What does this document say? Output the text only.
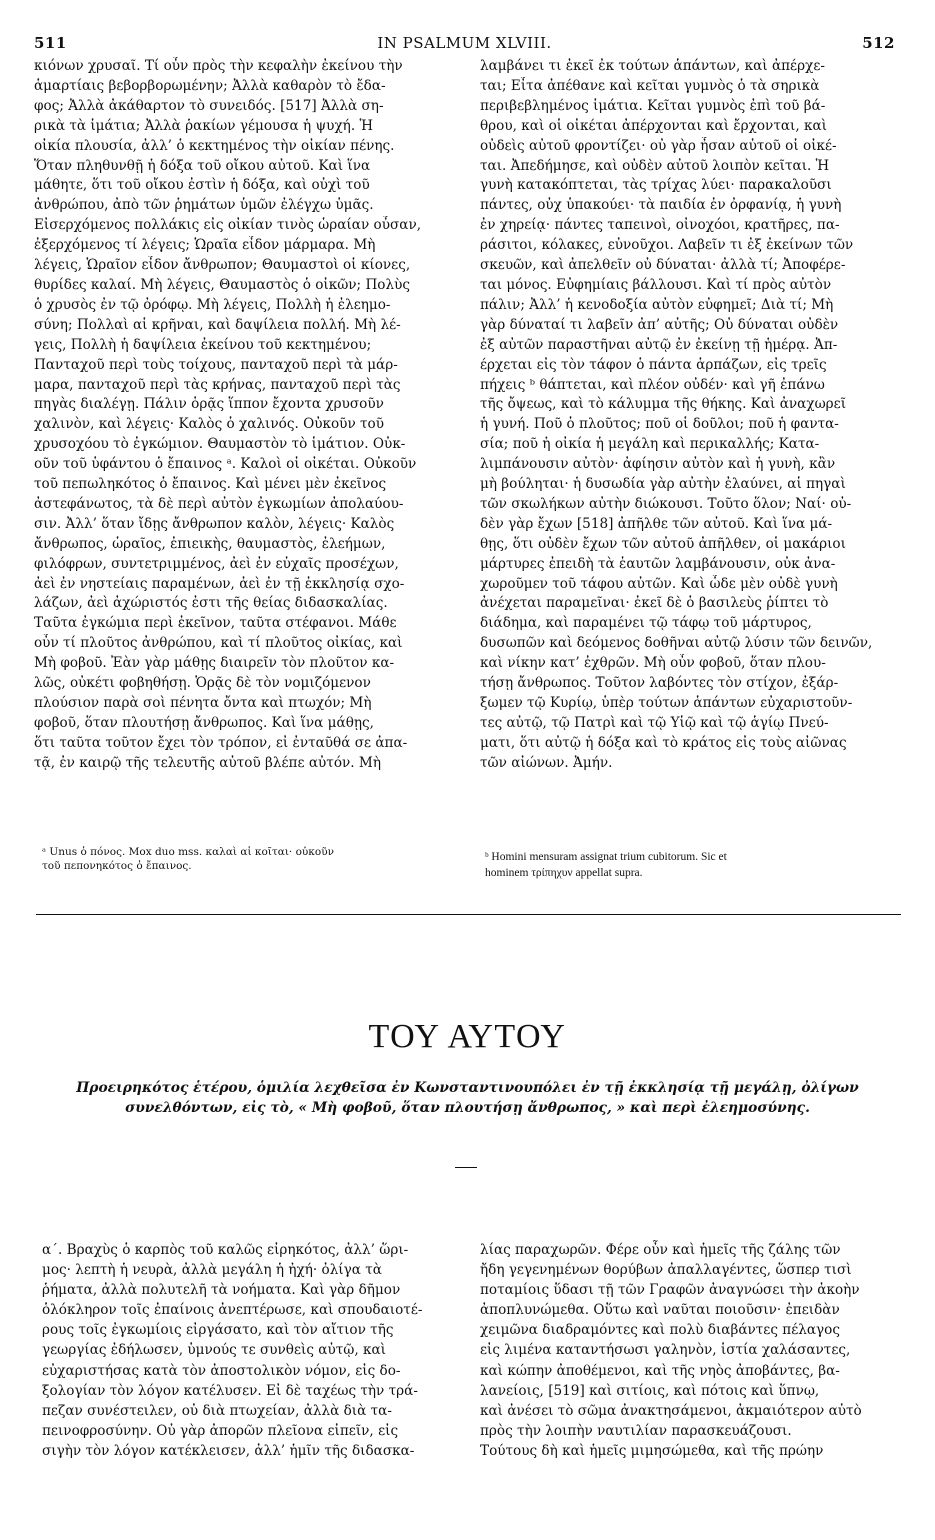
511	IN PSALMUM XLVIII.	512
κιόνων χρυσαῖ. Τί οὖν πρὸς τὴν κεφαλὴν ἐκείνου τὴν
ἁμαρτίαις βεβορβορωμένην; Ἀλλὰ καθαρὸν τὸ ἔδα-
φος; Ἀλλὰ ἀκάθαρτον τὸ συνειδός. [517] Ἀλλὰ ση-
ρικὰ τὰ ἱμάτια; Ἀλλὰ ῥακίων γέμουσα ἡ ψυχή. Ἡ
οἰκία πλουσία, ἀλλ’ ὁ κεκτημένος τὴν οἰκίαν πένης.
Ὅταν πληθυνθῇ ἡ δόξα τοῦ οἴκου αὐτοῦ. Καὶ ἵνα
μάθητε, ὅτι τοῦ οἴκου ἐστὶν ἡ δόξα, καὶ οὐχὶ τοῦ
ἀνθρώπου, ἀπὸ τῶν ῥημάτων ὑμῶν ἐλέγχω ὑμᾶς.
Εἰσερχόμενος πολλάκις εἰς οἰκίαν τινὸς ὡραίαν οὖσαν,
ἐξερχόμενος τί λέγεις; Ὡραῖα εἶδον μάρμαρα. Μὴ
λέγεις, Ὡραῖον εἶδον ἄνθρωπον; Θαυμαστοὶ οἱ κίονες,
θυρίδες καλαί. Μὴ λέγεις, Θαυμαστὸς ὁ οἰκῶν; Πολὺς
ὁ χρυσὸς ἐν τῷ ὀρόφῳ. Μὴ λέγεις, Πολλὴ ἡ ἐλεημο-
σύνη; Πολλαὶ αἱ κρῆναι, καὶ δαψίλεια πολλή. Μὴ λέ-
γεις, Πολλὴ ἡ δαψίλεια ἐκείνου τοῦ κεκτημένου;
Πανταχοῦ περὶ τοὺς τοίχους, πανταχοῦ περὶ τὰ μάρ-
μαρα, πανταχοῦ περὶ τὰς κρήνας, πανταχοῦ περὶ τὰς
πηγὰς διαλέγῃ. Πάλιν ὁρᾷς ἵππον ἔχοντα χρυσοῦν
χαλινὸν, καὶ λέγεις· Καλὸς ὁ χαλινός. Οὐκοῦν τοῦ
χρυσοχόου τὸ ἐγκώμιον. Θαυμαστὸν τὸ ἱμάτιον. Οὐκ-
οῦν τοῦ ὑφάντου ὁ ἔπαινος ᵃ. Καλοὶ οἱ οἰκέται. Οὐκοῦν
τοῦ πεπωληκότος ὁ ἔπαινος. Καὶ μένει μὲν ἐκεῖνος
ἀστεφάνωτος, τὰ δὲ περὶ αὐτὸν ἐγκωμίων ἀπολαύου-
σιν. Ἀλλ’ ὅταν ἴδῃς ἄνθρωπον καλὸν, λέγεις· Καλὸς
ἄνθρωπος, ὡραῖος, ἐπιεικὴς, θαυμαστὸς, ἐλεήμων,
φιλόφρων, συντετριμμένος, ἀεὶ ἐν εὐχαῖς προσέχων,
ἀεὶ ἐν νηστείαις παραμένων, ἀεὶ ἐν τῇ ἐκκλησίᾳ σχο-
λάζων, ἀεὶ ἀχώριστός ἐστι τῆς θείας διδασκαλίας.
Ταῦτα ἐγκώμια περὶ ἐκεῖνον, ταῦτα στέφανοι. Μάθε
οὖν τί πλοῦτος ἀνθρώπου, καὶ τί πλοῦτος οἰκίας, καὶ
Μὴ φοβοῦ. Ἐὰν γὰρ μάθῃς διαιρεῖν τὸν πλοῦτον κα-
λῶς, οὐκέτι φοβηθήσῃ. Ὁρᾷς δὲ τὸν νομιζόμενον
πλούσιον παρὰ σοὶ πένητα ὄντα καὶ πτωχόν; Μὴ
φοβοῦ, ὅταν πλουτήσῃ ἄνθρωπος. Καὶ ἵνα μάθῃς,
ὅτι ταῦτα τοῦτον ἔχει τὸν τρόπον, εἰ ἐνταῦθά σε ἀπα-
τᾷ, ἐν καιρῷ τῆς τελευτῆς αὐτοῦ βλέπε αὐτόν. Μὴ
λαμβάνει τι ἐκεῖ ἐκ τούτων ἁπάντων, καὶ ἀπέρχε-
ται; Εἶτα ἀπέθανε καὶ κεῖται γυμνὸς ὁ τὰ σηρικὰ
περιβεβλημένος ἱμάτια. Κεῖται γυμνὸς ἐπὶ τοῦ βά-
θρου, καὶ οἱ οἰκέται ἀπέρχονται καὶ ἔρχονται, καὶ
οὐδεὶς αὐτοῦ φροντίζει· οὐ γὰρ ἦσαν αὐτοῦ οἱ οἰκέ-
ται. Ἀπεδήμησε, καὶ οὐδὲν αὐτοῦ λοιπὸν κεῖται. Ἡ
γυνὴ κατακόπτεται, τὰς τρίχας λύει· παρακαλοῦσι
πάντες, οὐχ ὑπακούει· τὰ παιδία ἐν ὀρφανίᾳ, ἡ γυνὴ
ἐν χηρείᾳ· πάντες ταπεινοὶ, οἰνοχόοι, κρατῆρες, πα-
ράσιτοι, κόλακες, εὐνοῦχοι. Λαβεῖν τι ἐξ ἐκείνων τῶν
σκευῶν, καὶ ἀπελθεῖν οὐ δύναται· ἀλλὰ τί; Ἀποφέρε-
ται μόνος. Εὐφημίαις βάλλουσι. Καὶ τί πρὸς αὐτὸν
πάλιν; Ἀλλ’ ἡ κενοδοξία αὐτὸν εὐφημεῖ; Διὰ τί; Μὴ
γὰρ δύναταί τι λαβεῖν ἀπ’ αὐτῆς; Οὐ δύναται οὐδὲν
ἐξ αὐτῶν παραστῆναι αὐτῷ ἐν ἐκείνῃ τῇ ἡμέρᾳ. Ἀπ-
έρχεται εἰς τὸν τάφον ὁ πάντα ἁρπάζων, εἰς τρεῖς
πήχεις ᵇ θάπτεται, καὶ πλέον οὐδέν· καὶ γῆ ἐπάνω
τῆς ὄψεως, καὶ τὸ κάλυμμα τῆς θήκης. Καὶ ἀναχωρεῖ
ἡ γυνή. Ποῦ ὁ πλοῦτος; ποῦ οἱ δοῦλοι; ποῦ ἡ φαντα-
σία; ποῦ ἡ οἰκία ἡ μεγάλη καὶ περικαλλής; Κατα-
λιμπάνουσιν αὐτὸν· ἀφίησιν αὐτὸν καὶ ἡ γυνὴ, κἂν
μὴ βούληται· ἡ δυσωδία γὰρ αὐτὴν ἐλαύνει, αἱ πηγαὶ
τῶν σκωλήκων αὐτὴν διώκουσι. Τοῦτο ὅλον; Ναί· οὐ-
δὲν γὰρ ἔχων [518] ἀπῆλθε τῶν αὐτοῦ. Καὶ ἵνα μά-
θῃς, ὅτι οὐδὲν ἔχων τῶν αὐτοῦ ἀπῆλθεν, οἱ μακάριοι
μάρτυρες ἐπειδὴ τὰ ἑαυτῶν λαμβάνουσιν, οὐκ ἀνα-
χωροῦμεν τοῦ τάφου αὐτῶν. Καὶ ὧδε μὲν οὐδὲ γυνὴ
ἀνέχεται παραμεῖναι· ἐκεῖ δὲ ὁ βασιλεὺς ῥίπτει τὸ
διάδημα, καὶ παραμένει τῷ τάφῳ τοῦ μάρτυρος,
δυσωπῶν καὶ δεόμενος δοθῆναι αὐτῷ λύσιν τῶν δεινῶν,
καὶ νίκην κατ’ ἐχθρῶν. Μὴ οὖν φοβοῦ, ὅταν πλου-
τήσῃ ἄνθρωπος. Τοῦτον λαβόντες τὸν στίχον, ἐξάρ-
ξωμεν τῷ Κυρίῳ, ὑπὲρ τούτων ἁπάντων εὐχαριστοῦν-
τες αὐτῷ, τῷ Πατρὶ καὶ τῷ Υἱῷ καὶ τῷ ἁγίῳ Πνεύ-
ματι, ὅτι αὐτῷ ἡ δόξα καὶ τὸ κράτος εἰς τοὺς αἰῶνας
τῶν αἰώνων. Ἀμήν.
ᵃ Unus ὁ πόνος. Mox duo mss. καλαὶ αἱ κοῖται· οὐκοῦν
τοῦ πεπονηκότος ὁ ἔπαινος.
ᵇ Homini mensuram assignat trium cubitorum. Sic et
hominem τρίπηχυν appellat supra.
ΤΟΥ ΑΥΤΟΥ
Προειρηκότος ἑτέρου, ὁμιλία λεχθεῖσα ἐν Κωνσταντινουπόλει ἐν τῇ ἐκκλησίᾳ τῇ μεγάλῃ, ὀλίγων
συνελθόντων, εἰς τὸ, « Μὴ φοβοῦ, ὅταν πλουτήσῃ ἄνθρωπος, » καὶ περὶ ἐλεημοσύνης.
α΄. Βραχὺς ὁ καρπὸς τοῦ καλῶς εἰρηκότος, ἀλλ’ ὥρι-
μος· λεπτὴ ἡ νευρὰ, ἀλλὰ μεγάλη ἡ ἠχή· ὀλίγα τὰ
ῥήματα, ἀλλὰ πολυτελῆ τὰ νοήματα. Καὶ γὰρ δῆμον
ὁλόκληρον τοῖς ἐπαίνοις ἀνεπτέρωσε, καὶ σπουδαιοτέ-
ρους τοῖς ἐγκωμίοις εἰργάσατο, καὶ τὸν αἴτιον τῆς
γεωργίας ἐδήλωσεν, ὑμνούς τε συνθεὶς αὐτῷ, καὶ
εὐχαριστήσας κατὰ τὸν ἀποστολικὸν νόμον, εἰς δο-
ξολογίαν τὸν λόγον κατέλυσεν. Εἰ δὲ ταχέως τὴν τρά-
πεζαν συνέστειλεν, οὐ διὰ πτωχείαν, ἀλλὰ διὰ τα-
πεινοφροσύνην. Οὐ γὰρ ἀπορῶν πλεῖονα εἰπεῖν, εἰς
σιγὴν τὸν λόγον κατέκλεισεν, ἀλλ’ ἡμῖν τῆς διδασκα-
λίας παραχωρῶν. Φέρε οὖν καὶ ἡμεῖς τῆς ζάλης τῶν
ἤδη γεγενημένων θορύβων ἀπαλλαγέντες, ὥσπερ τισὶ
ποταμίοις ὕδασι τῇ τῶν Γραφῶν ἀναγνώσει τὴν ἀκοὴν
ἀποπλυνώμεθα. Οὕτω καὶ ναῦται ποιοῦσιν· ἐπειδὰν
χειμῶνα διαδραμόντες καὶ πολὺ διαβάντες πέλαγος
εἰς λιμένα καταντήσωσι γαληνὸν, ἱστία χαλάσαντες,
καὶ κώπην ἀποθέμενοι, καὶ τῆς νηὸς ἀποβάντες, βα-
λανείοις, [519] καὶ σιτίοις, καὶ πότοις καὶ ὕπνῳ,
καὶ ἀνέσει τὸ σῶμα ἀνακτησάμενοι, ἀκμαιότερον αὐτὸ
πρὸς τὴν λοιπὴν ναυτιλίαν παρασκευάζουσι.
Τούτους δὴ καὶ ἡμεῖς μιμησώμεθα, καὶ τῆς πρώην
